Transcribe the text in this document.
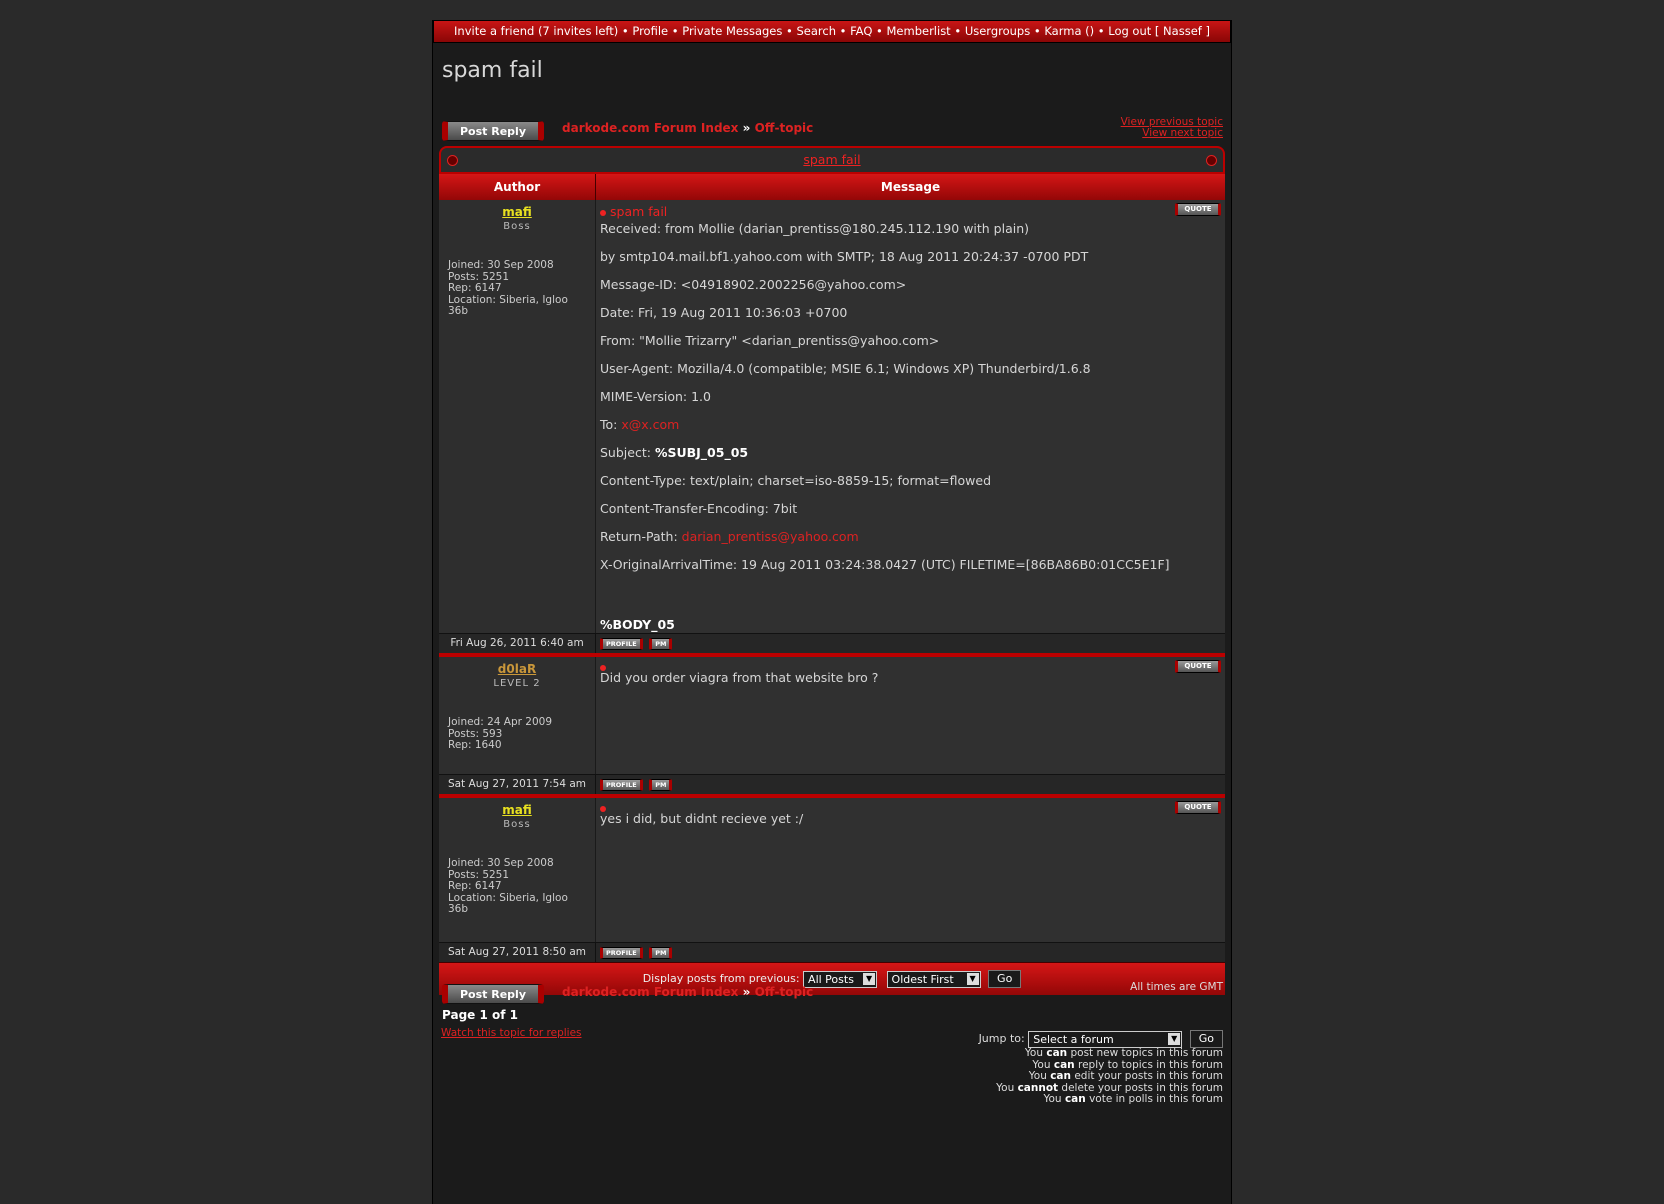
Invite a friend (7 invites left) • Profile • Private Messages • Search • FAQ • Memberlist • Usergroups • Karma () • Log out [ Nassef ]
spam fail
Post Reply	darkode.com Forum Index » Off-topic	View previous topic
View next topic
spam fail
Author	Message
mafi
Boss
Joined: 30 Sep 2008
Posts: 5251
Rep: 6147
Location: Siberia, Igloo 36b
QUOTE
spam fail
Received: from Mollie (darian_prentiss@180.245.112.190 with plain)
by smtp104.mail.bf1.yahoo.com with SMTP; 18 Aug 2011 20:24:37 -0700 PDT
Message-ID: <04918902.2002256@yahoo.com>
Date: Fri, 19 Aug 2011 10:36:03 +0700
From: "Mollie Trizarry" <darian_prentiss@yahoo.com>
User-Agent: Mozilla/4.0 (compatible; MSIE 6.1; Windows XP) Thunderbird/1.6.8
MIME-Version: 1.0
To: x@x.com
Subject: %SUBJ_05_05
Content-Type: text/plain; charset=iso-8859-15; format=flowed
Content-Transfer-Encoding: 7bit
Return-Path: darian_prentiss@yahoo.com
X-OriginalArrivalTime: 19 Aug 2011 03:24:38.0427 (UTC) FILETIME=[86BA86B0:01CC5E1F]
%BODY_05
Fri Aug 26, 2011 6:40 am	PROFILE	PM
d0laR
LEVEL 2
Joined: 24 Apr 2009
Posts: 593
Rep: 1640
QUOTE
Did you order viagra from that website bro ?
Sat Aug 27, 2011 7:54 am	PROFILE	PM
mafi
Boss
Joined: 30 Sep 2008
Posts: 5251
Rep: 6147
Location: Siberia, Igloo 36b
QUOTE
yes i did, but didnt recieve yet :/
Sat Aug 27, 2011 8:50 am	PROFILE	PM
Display posts from previous: All Posts	▼ Oldest First	▼ Go
Post Reply	darkode.com Forum Index » Off-topic	All times are GMT
Page 1 of 1
Watch this topic for replies	Jump to: Select a forum	▼ Go
You can post new topics in this forum
You can reply to topics in this forum
You can edit your posts in this forum
You cannot delete your posts in this forum
You can vote in polls in this forum
